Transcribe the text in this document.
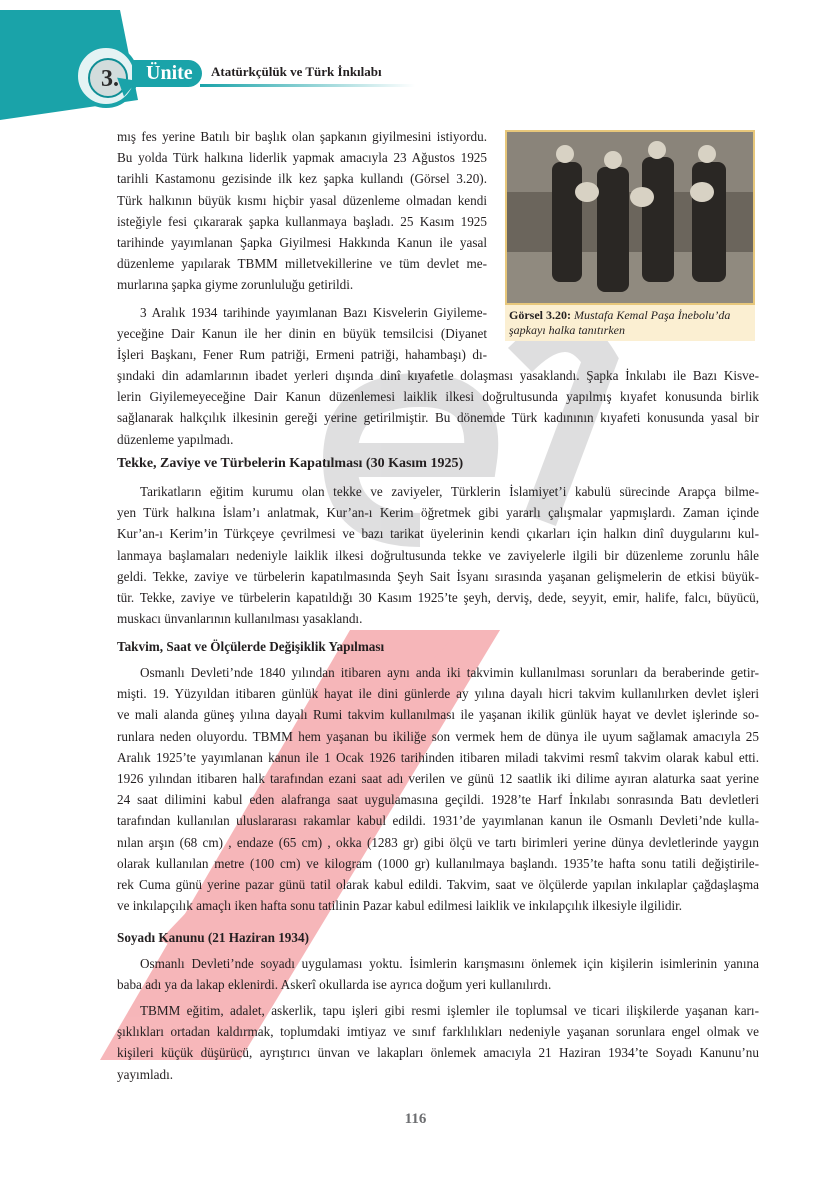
3.	Ünite Atatürkçülük ve Türk İnkılabı
Görsel 3.20: Mustafa Kemal Paşa İnebolu’da şapkayı halka tanıtırken
mış fes yerine Batılı bir başlık olan şapkanın giyilmesini istiyordu.
Bu yolda Türk halkına liderlik yapmak amacıyla 23 Ağustos 1925
tarihli Kastamonu gezisinde ilk kez şapka kullandı (Görsel 3.20).
Türk halkının büyük kısmı hiçbir yasal düzenleme olmadan kendi
isteğiyle fesi çıkararak şapka kullanmaya başladı. 25 Kasım 1925
tarihinde yayımlanan Şapka Giyilmesi Hakkında Kanun ile yasal
düzenleme yapılarak TBMM milletvekillerine ve tüm devlet me-
murlarına şapka giyme zorunluluğu getirildi.
3 Aralık 1934 tarihinde yayımlanan Bazı Kisvelerin Giyileme-
yeceğine Dair Kanun ile her dinin en büyük temsilcisi (Diyanet
İşleri Başkanı, Fener Rum patriği, Ermeni patriği, hahambaşı) dı-
şındaki din adamlarının ibadet yerleri dışında dinî kıyafetle dolaşması yasaklandı. Şapka İnkılabı ile Bazı Kisve-
lerin Giyilemeyeceğine Dair Kanun düzenlemesi laiklik ilkesi doğrultusunda yapılmış kıyafet konusunda birlik
sağlanarak halkçılık ilkesinin gereği yerine getirilmiştir. Bu dönemde Türk kadınının kıyafeti konusunda yasal bir
düzenleme yapılmadı.
Tekke, Zaviye ve Türbelerin Kapatılması (30 Kasım 1925)
Tarikatların eğitim kurumu olan tekke ve zaviyeler, Türklerin İslamiyet’i kabulü sürecinde Arapça bilme-
yen Türk halkına İslam’ı anlatmak, Kur’an-ı Kerim öğretmek gibi yararlı çalışmalar yapmışlardı. Zaman içinde
Kur’an-ı Kerim’in Türkçeye çevrilmesi ve bazı tarikat üyelerinin kendi çıkarları için halkın dinî duygularını kul-
lanmaya başlamaları nedeniyle laiklik ilkesi doğrultusunda tekke ve zaviyelerle ilgili bir düzenleme zorunlu hâle
geldi. Tekke, zaviye ve türbelerin kapatılmasında Şeyh Sait İsyanı sırasında yaşanan gelişmelerin de etkisi büyük-
tür. Tekke, zaviye ve türbelerin kapatıldığı 30 Kasım 1925’te şeyh, derviş, dede, seyyit, emir, halife, falcı, büyücü,
muskacı ünvanlarının kullanılması yasaklandı.
Takvim, Saat ve Ölçülerde Değişiklik Yapılması
Osmanlı Devleti’nde 1840 yılından itibaren aynı anda iki takvimin kullanılması sorunları da beraberinde getir-
mişti. 19. Yüzyıldan itibaren günlük hayat ile dini günlerde ay yılına dayalı hicri takvim kullanılırken devlet işleri
ve mali alanda güneş yılına dayalı Rumi takvim kullanılması ile yaşanan ikilik günlük hayat ve devlet işlerinde so-
runlara neden oluyordu. TBMM hem yaşanan bu ikiliğe son vermek hem de dünya ile uyum sağlamak amacıyla 25
Aralık 1925’te yayımlanan kanun ile 1 Ocak 1926 tarihinden itibaren miladi takvimi resmî takvim olarak kabul etti.
1926 yılından itibaren halk tarafından ezani saat adı verilen ve günü 12 saatlik iki dilime ayıran alaturka saat yerine
24 saat dilimini kabul eden alafranga saat uygulamasına geçildi. 1928’te Harf İnkılabı sonrasında Batı devletleri
tarafından kullanılan uluslararası rakamlar kabul edildi. 1931’de yayımlanan kanun ile Osmanlı Devleti’nde kulla-
nılan arşın (68 cm) , endaze (65 cm) , okka (1283 gr) gibi ölçü ve tartı birimleri yerine dünya devletlerinde yaygın
olarak kullanılan metre (100 cm) ve kilogram (1000 gr) kullanılmaya başlandı. 1935’te hafta sonu tatili değiştirile-
rek Cuma günü yerine pazar günü tatil olarak kabul edildi. Takvim, saat ve ölçülerde yapılan inkılaplar çağdaşlaşma
ve inkılapçılık amaçlı iken hafta sonu tatilinin Pazar kabul edilmesi laiklik ve inkılapçılık ilkesiyle ilgilidir.
Soyadı Kanunu (21 Haziran 1934)
Osmanlı Devleti’nde soyadı uygulaması yoktu. İsimlerin karışmasını önlemek için kişilerin isimlerinin yanına
baba adı ya da lakap eklenirdi. Askerî okullarda ise ayrıca doğum yeri kullanılırdı.
TBMM eğitim, adalet, askerlik, tapu işleri gibi resmi işlemler ile toplumsal ve ticari ilişkilerde yaşanan karı-
şıklıkları ortadan kaldırmak, toplumdaki imtiyaz ve sınıf farklılıkları nedeniyle yaşanan sorunlara engel olmak ve
kişileri küçük düşürücü, ayrıştırıcı ünvan ve lakapları önlemek amacıyla 21 Haziran 1934’te Soyadı Kanunu’nu
yayımladı.
116
